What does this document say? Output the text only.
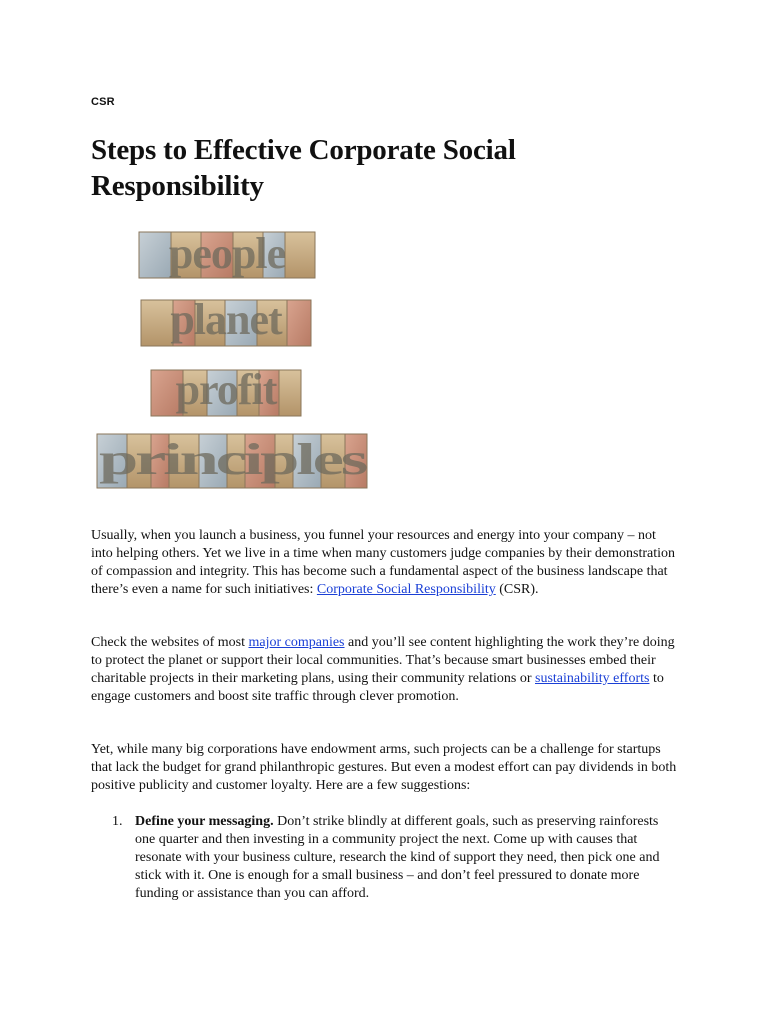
CSR
Steps to Effective Corporate Social Responsibility
people
planet
profit
principles

Usually, when you launch a business, you funnel your resources and energy into your company – not into helping others. Yet we live in a time when many customers judge companies by their demonstration of compassion and integrity. This has become such a fundamental aspect of the business landscape that there’s even a name for such initiatives: Corporate Social Responsibility (CSR).

Check the websites of most major companies and you’ll see content highlighting the work they’re doing to protect the planet or support their local communities. That’s because smart businesses embed their charitable projects in their marketing plans, using their community relations or sustainability efforts to engage customers and boost site traffic through clever promotion.

Yet, while many big corporations have endowment arms, such projects can be a challenge for startups that lack the budget for grand philanthropic gestures. But even a modest effort can pay dividends in both positive publicity and customer loyalty. Here are a few suggestions:

1. Define your messaging. Don’t strike blindly at different goals, such as preserving rainforests one quarter and then investing in a community project the next. Come up with causes that resonate with your business culture, research the kind of support they need, then pick one and stick with it. One is enough for a small business – and don’t feel pressured to donate more funding or assistance than you can afford.
